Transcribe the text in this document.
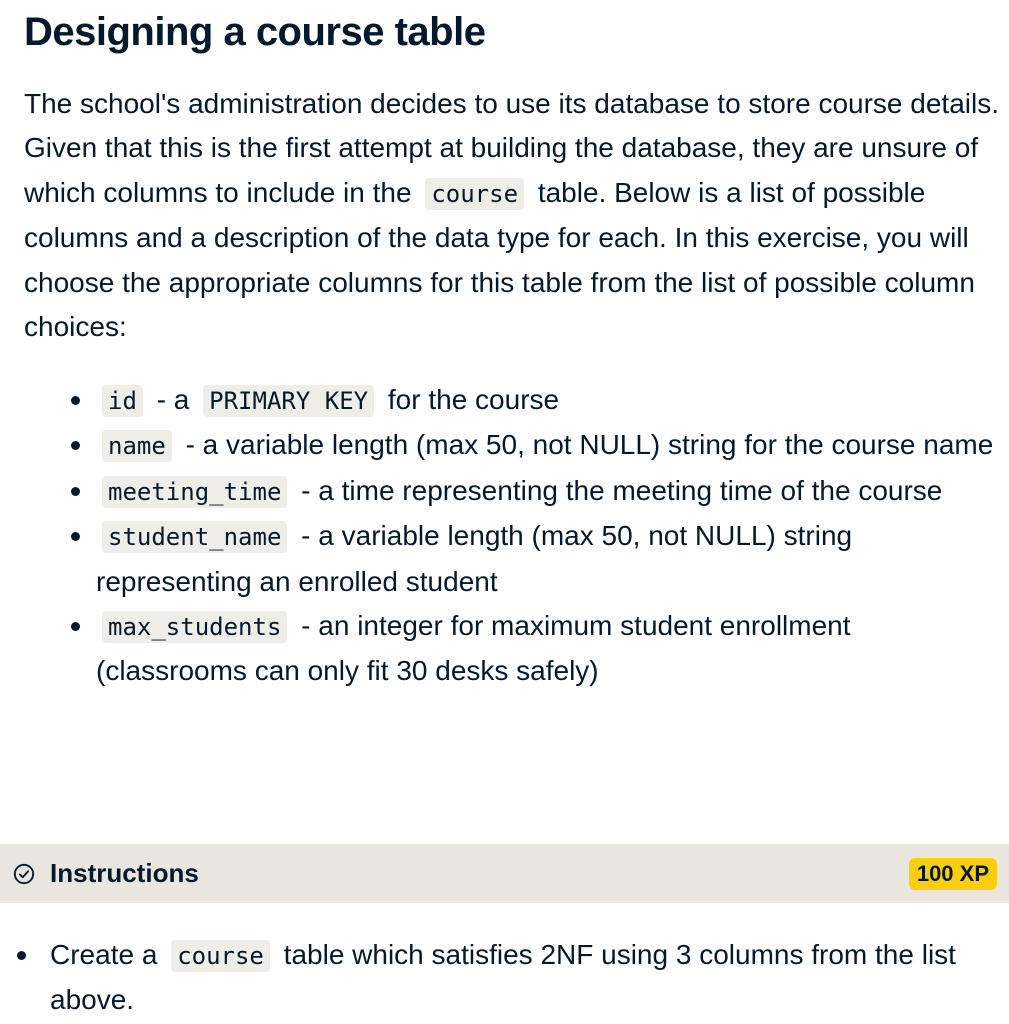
Designing a course table

The school's administration decides to use its database to store course details. Given that this is the first attempt at building the database, they are unsure of which columns to include in the course table. Below is a list of possible columns and a description of the data type for each. In this exercise, you will choose the appropriate columns for this table from the list of possible column choices:

id - a PRIMARY KEY for the course
name - a variable length (max 50, not NULL) string for the course name
meeting_time - a time representing the meeting time of the course
student_name - a variable length (max 50, not NULL) string representing an enrolled student
max_students - an integer for maximum student enrollment (classrooms can only fit 30 desks safely)
Instructions	100 XP
Create a course table which satisfies 2NF using 3 columns from the list above.
